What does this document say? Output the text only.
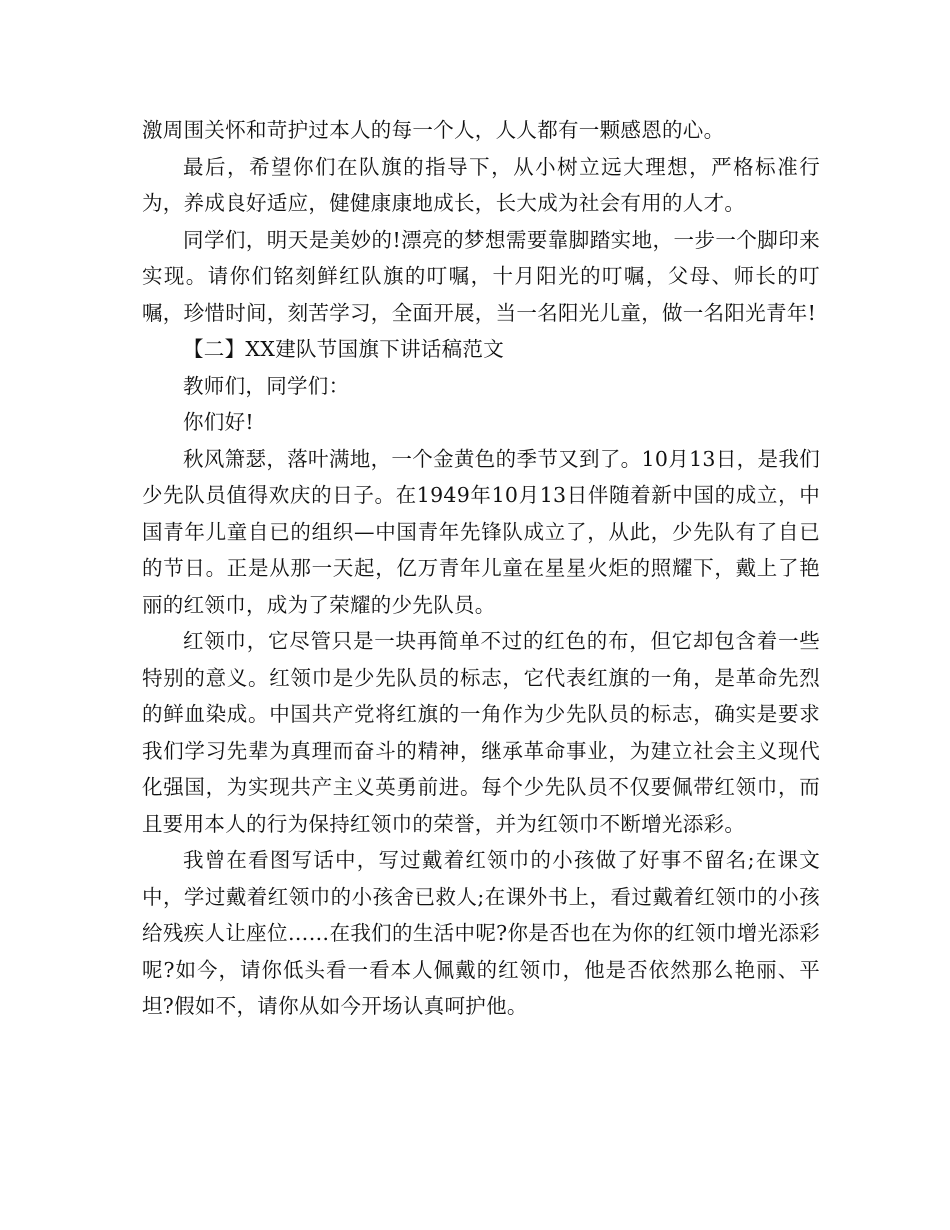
激周围关怀和苛护过本人的每一个人，人人都有一颗感恩的心。

最后，希望你们在队旗的指导下，从小树立远大理想，严格标准行为，养成良好适应，健健康康地成长，长大成为社会有用的人才。

同学们，明天是美妙的!漂亮的梦想需要靠脚踏实地，一步一个脚印来实现。请你们铭刻鲜红队旗的叮嘱，十月阳光的叮嘱，父母、师长的叮嘱，珍惜时间，刻苦学习，全面开展，当一名阳光儿童，做一名阳光青年!

【二】XX建队节国旗下讲话稿范文

教师们，同学们：

你们好!

秋风箫瑟，落叶满地，一个金黄色的季节又到了。10月13日，是我们少先队员值得欢庆的日子。在1949年10月13日伴随着新中国的成立，中国青年儿童自已的组织—中国青年先锋队成立了，从此，少先队有了自已的节日。正是从那一天起，亿万青年儿童在星星火炬的照耀下，戴上了艳丽的红领巾，成为了荣耀的少先队员。

红领巾，它尽管只是一块再简单不过的红色的布，但它却包含着一些特别的意义。红领巾是少先队员的标志，它代表红旗的一角，是革命先烈的鲜血染成。中国共产党将红旗的一角作为少先队员的标志，确实是要求我们学习先辈为真理而奋斗的精神，继承革命事业，为建立社会主义现代化强国，为实现共产主义英勇前进。每个少先队员不仅要佩带红领巾，而且要用本人的行为保持红领巾的荣誉，并为红领巾不断增光添彩。

我曾在看图写话中，写过戴着红领巾的小孩做了好事不留名;在课文中，学过戴着红领巾的小孩舍已救人;在课外书上，看过戴着红领巾的小孩给残疾人让座位……在我们的生活中呢?你是否也在为你的红领巾增光添彩呢?如今，请你低头看一看本人佩戴的红领巾，他是否依然那么艳丽、平坦?假如不，请你从如今开场认真呵护他。
